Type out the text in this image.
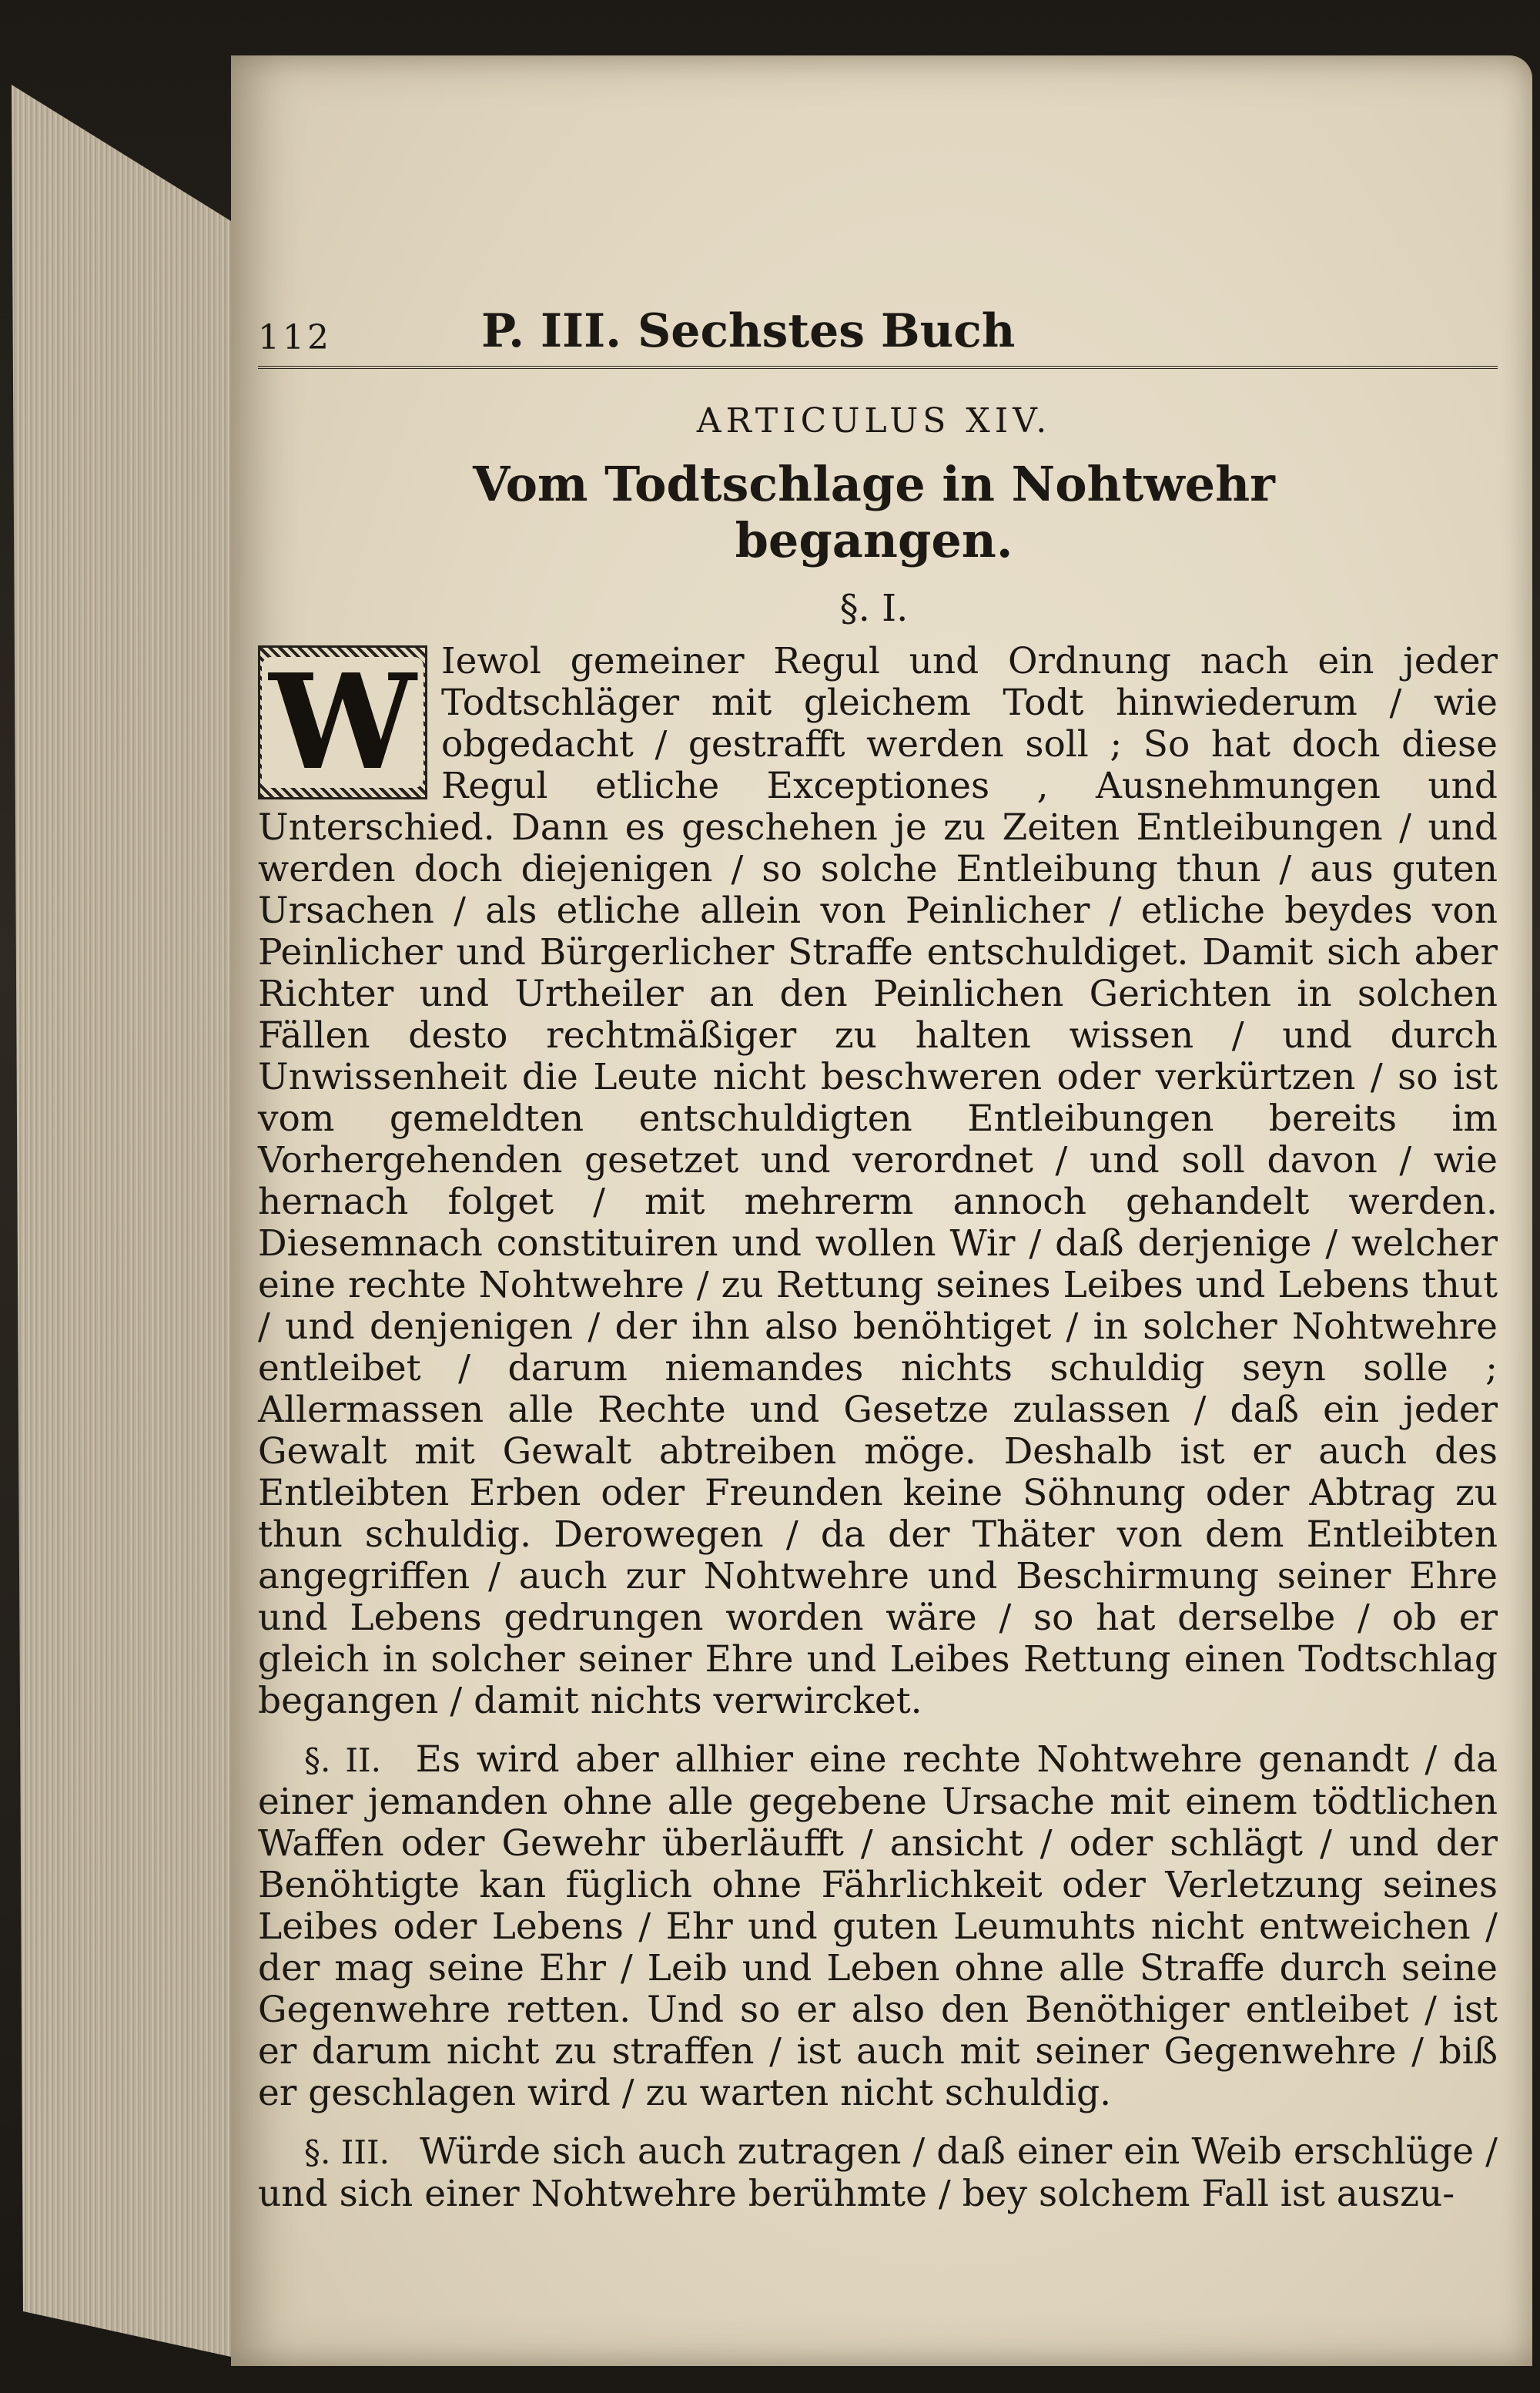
112	P. III. Sechstes Buch
ARTICULUS XIV.
Vom Todtschlage in Nohtwehr begangen.
§. I.
W Iewol gemeiner Regul und Ordnung nach ein jeder Todtschläger mit gleichem Todt hinwiederum / wie obgedacht / gestrafft werden soll ; So hat doch diese Regul etliche Exceptiones , Ausnehmungen und Unterschied. Dann es geschehen je zu Zeiten Entleibungen / und werden doch diejenigen / so solche Entleibung thun / aus guten Ursachen / als etliche allein von Peinlicher / etliche beydes von Peinlicher und Bürgerlicher Straffe entschuldiget. Damit sich aber Richter und Urtheiler an den Peinlichen Gerichten in solchen Fällen desto rechtmäßiger zu halten wissen / und durch Unwissenheit die Leute nicht beschweren oder verkürtzen / so ist vom gemeldten entschuldigten Entleibungen bereits im Vorhergehenden gesetzet und verordnet / und soll davon / wie hernach folget / mit mehrerm annoch gehandelt werden. Diesemnach constituiren und wollen Wir / daß derjenige / welcher eine rechte Nohtwehre / zu Rettung seines Leibes und Lebens thut / und denjenigen / der ihn also benöhtiget / in solcher Nohtwehre entleibet / darum niemandes nichts schuldig seyn solle ; Allermassen alle Rechte und Gesetze zulassen / daß ein jeder Gewalt mit Gewalt abtreiben möge. Deshalb ist er auch des Entleibten Erben oder Freunden keine Söhnung oder Abtrag zu thun schuldig. Derowegen / da der Thäter von dem Entleibten angegriffen / auch zur Nohtwehre und Beschirmung seiner Ehre und Lebens gedrungen worden wäre / so hat derselbe / ob er gleich in solcher seiner Ehre und Leibes Rettung einen Todtschlag begangen / damit nichts verwircket.
§. II. Es wird aber allhier eine rechte Nohtwehre genandt / da einer jemanden ohne alle gegebene Ursache mit einem tödtlichen Waffen oder Gewehr überläufft / ansicht / oder schlägt / und der Benöhtigte kan füglich ohne Fährlichkeit oder Verletzung seines Leibes oder Lebens / Ehr und guten Leumuhts nicht entweichen / der mag seine Ehr / Leib und Leben ohne alle Straffe durch seine Gegenwehre retten. Und so er also den Benöthiger entleibet / ist er darum nicht zu straffen / ist auch mit seiner Gegenwehre / biß er geschlagen wird / zu warten nicht schuldig.
§. III. Würde sich auch zutragen / daß einer ein Weib erschlüge / und sich einer Nohtwehre berühmte / bey solchem Fall ist auszu-
